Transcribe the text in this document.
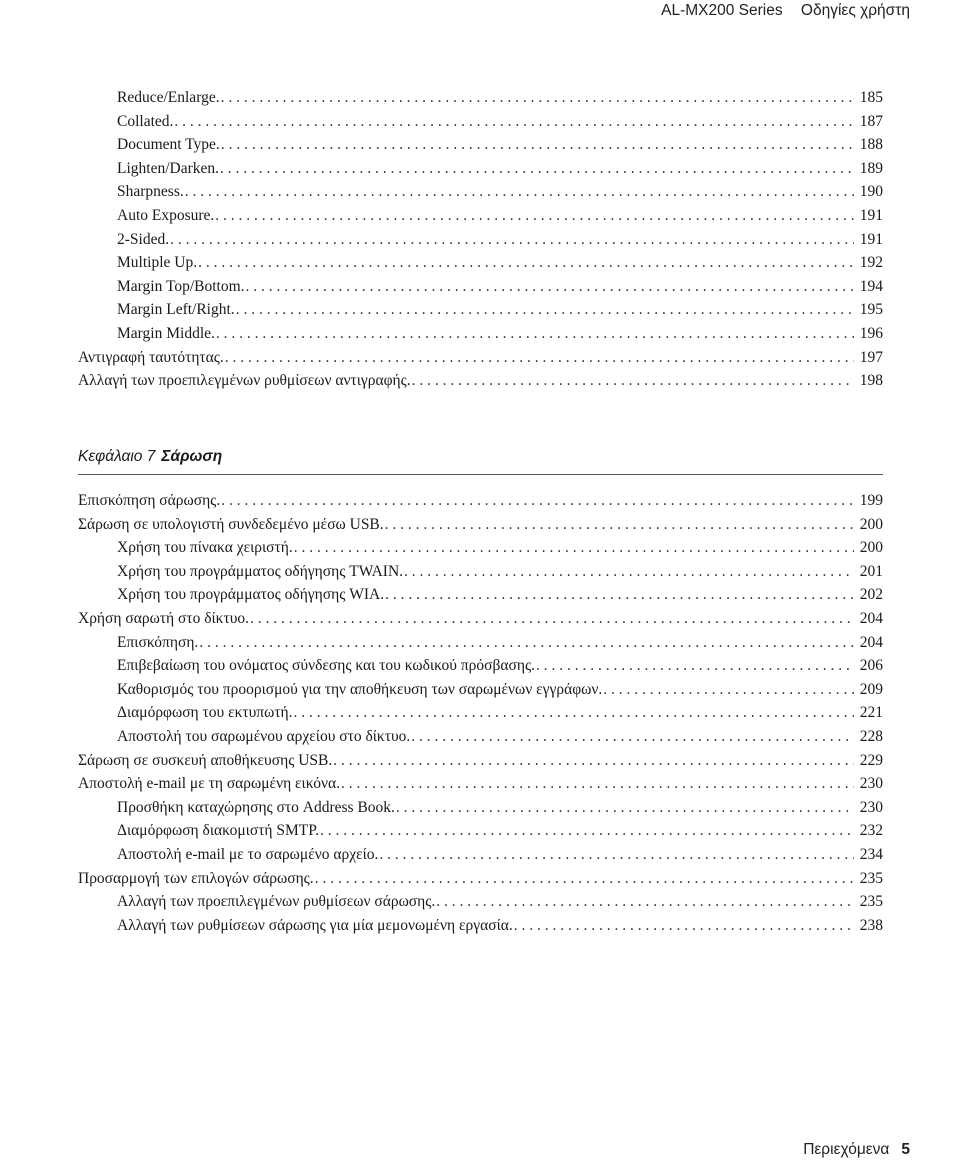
AL-MX200 Series Οδηγίες χρήστη
Reduce/Enlarge. . . .	185
Collated. . . .	187
Document Type. . . .	188
Lighten/Darken. . . .	189
Sharpness. . . .	190
Auto Exposure. . . .	191
2-Sided. . . .	191
Multiple Up. . . .	192
Margin Top/Bottom. . . .	194
Margin Left/Right. . . .	195
Margin Middle. . . .	196
Αντιγραφή ταυτότητας. . . .	197
Αλλαγή των προεπιλεγμένων ρυθμίσεων αντιγραφής. . . .	198
Κεφάλαιο 7 Σάρωση
Επισκόπηση σάρωσης. . . .	199
Σάρωση σε υπολογιστή συνδεδεμένο μέσω USB. . . .	200
Χρήση του πίνακα χειριστή. . . .	200
Χρήση του προγράμματος οδήγησης TWAIN. . . .	201
Χρήση του προγράμματος οδήγησης WIA. . . .	202
Χρήση σαρωτή στο δίκτυο. . . .	204
Επισκόπηση. . . .	204
Επιβεβαίωση του ονόματος σύνδεσης και του κωδικού πρόσβασης. . . .	206
Καθορισμός του προορισμού για την αποθήκευση των σαρωμένων εγγράφων. . . .	209
Διαμόρφωση του εκτυπωτή. . . .	221
Αποστολή του σαρωμένου αρχείου στο δίκτυο. . . .	228
Σάρωση σε συσκευή αποθήκευσης USB. . . .	229
Αποστολή e-mail με τη σαρωμένη εικόνα. . . .	230
Προσθήκη καταχώρησης στο Address Book. . . .	230
Διαμόρφωση διακομιστή SMTP. . . .	232
Αποστολή e-mail με το σαρωμένο αρχείο. . . .	234
Προσαρμογή των επιλογών σάρωσης. . . .	235
Αλλαγή των προεπιλεγμένων ρυθμίσεων σάρωσης. . . .	235
Αλλαγή των ρυθμίσεων σάρωσης για μία μεμονωμένη εργασία. . . .	238
Περιεχόμενα 5
